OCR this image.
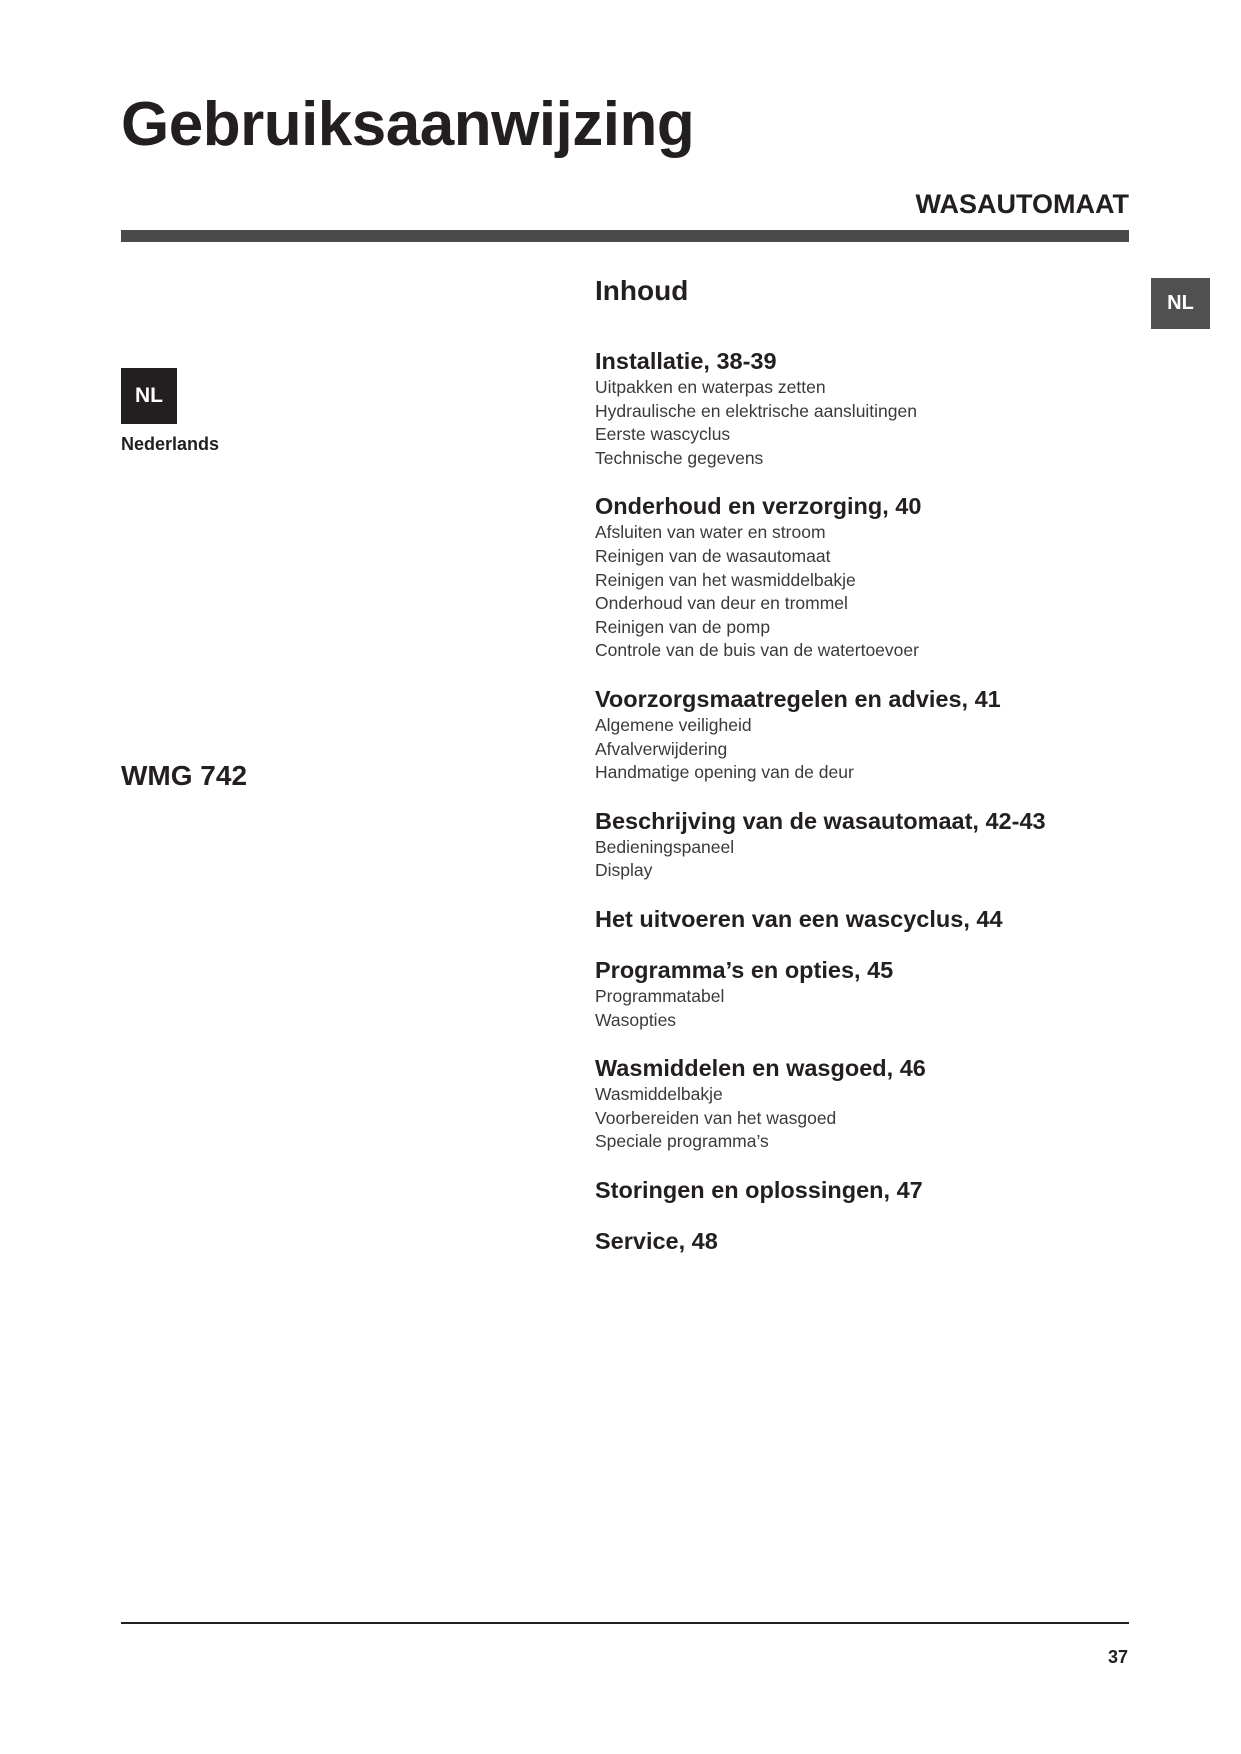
Gebruiksaanwijzing
WASAUTOMAAT
NL
NL
Nederlands
WMG 742
Inhoud
Installatie, 38-39
Uitpakken en waterpas zetten
Hydraulische en elektrische aansluitingen
Eerste wascyclus
Technische gegevens
Onderhoud en verzorging, 40
Afsluiten van water en stroom
Reinigen van de wasautomaat
Reinigen van het wasmiddelbakje
Onderhoud van deur en trommel
Reinigen van de pomp
Controle van de buis van de watertoevoer
Voorzorgsmaatregelen en advies, 41
Algemene veiligheid
Afvalverwijdering
Handmatige opening van de deur
Beschrijving van de wasautomaat, 42-43
Bedieningspaneel
Display
Het uitvoeren van een wascyclus, 44
Programma’s en opties, 45
Programmatabel
Wasopties
Wasmiddelen en wasgoed, 46
Wasmiddelbakje
Voorbereiden van het wasgoed
Speciale programma’s
Storingen en oplossingen, 47
Service, 48
37
